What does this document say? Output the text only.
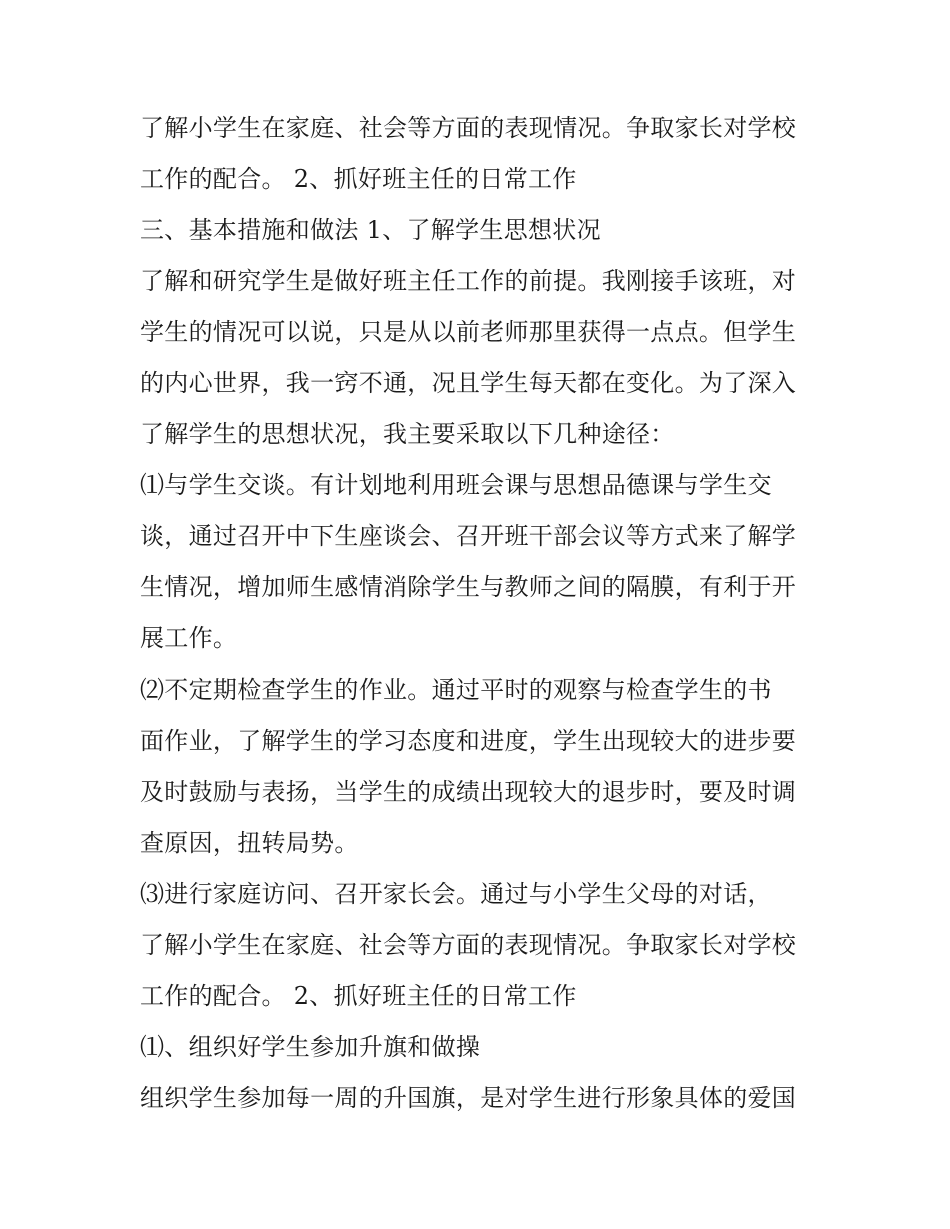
了解小学生在家庭、社会等方面的表现情况。争取家长对学校
工作的配合。 2、抓好班主任的日常工作
三、基本措施和做法 1、了解学生思想状况
了解和研究学生是做好班主任工作的前提。我刚接手该班，对
学生的情况可以说，只是从以前老师那里获得一点点。但学生
的内心世界，我一窍不通，况且学生每天都在变化。为了深入
了解学生的思想状况，我主要采取以下几种途径：
⑴与学生交谈。有计划地利用班会课与思想品德课与学生交
谈，通过召开中下生座谈会、召开班干部会议等方式来了解学
生情况，增加师生感情消除学生与教师之间的隔膜，有利于开
展工作。
⑵不定期检查学生的作业。通过平时的观察与检查学生的书
面作业，了解学生的学习态度和进度，学生出现较大的进步要
及时鼓励与表扬，当学生的成绩出现较大的退步时，要及时调
查原因，扭转局势。
⑶进行家庭访问、召开家长会。通过与小学生父母的对话，
了解小学生在家庭、社会等方面的表现情况。争取家长对学校
工作的配合。 2、抓好班主任的日常工作
⑴、组织好学生参加升旗和做操
组织学生参加每一周的升国旗，是对学生进行形象具体的爱国
